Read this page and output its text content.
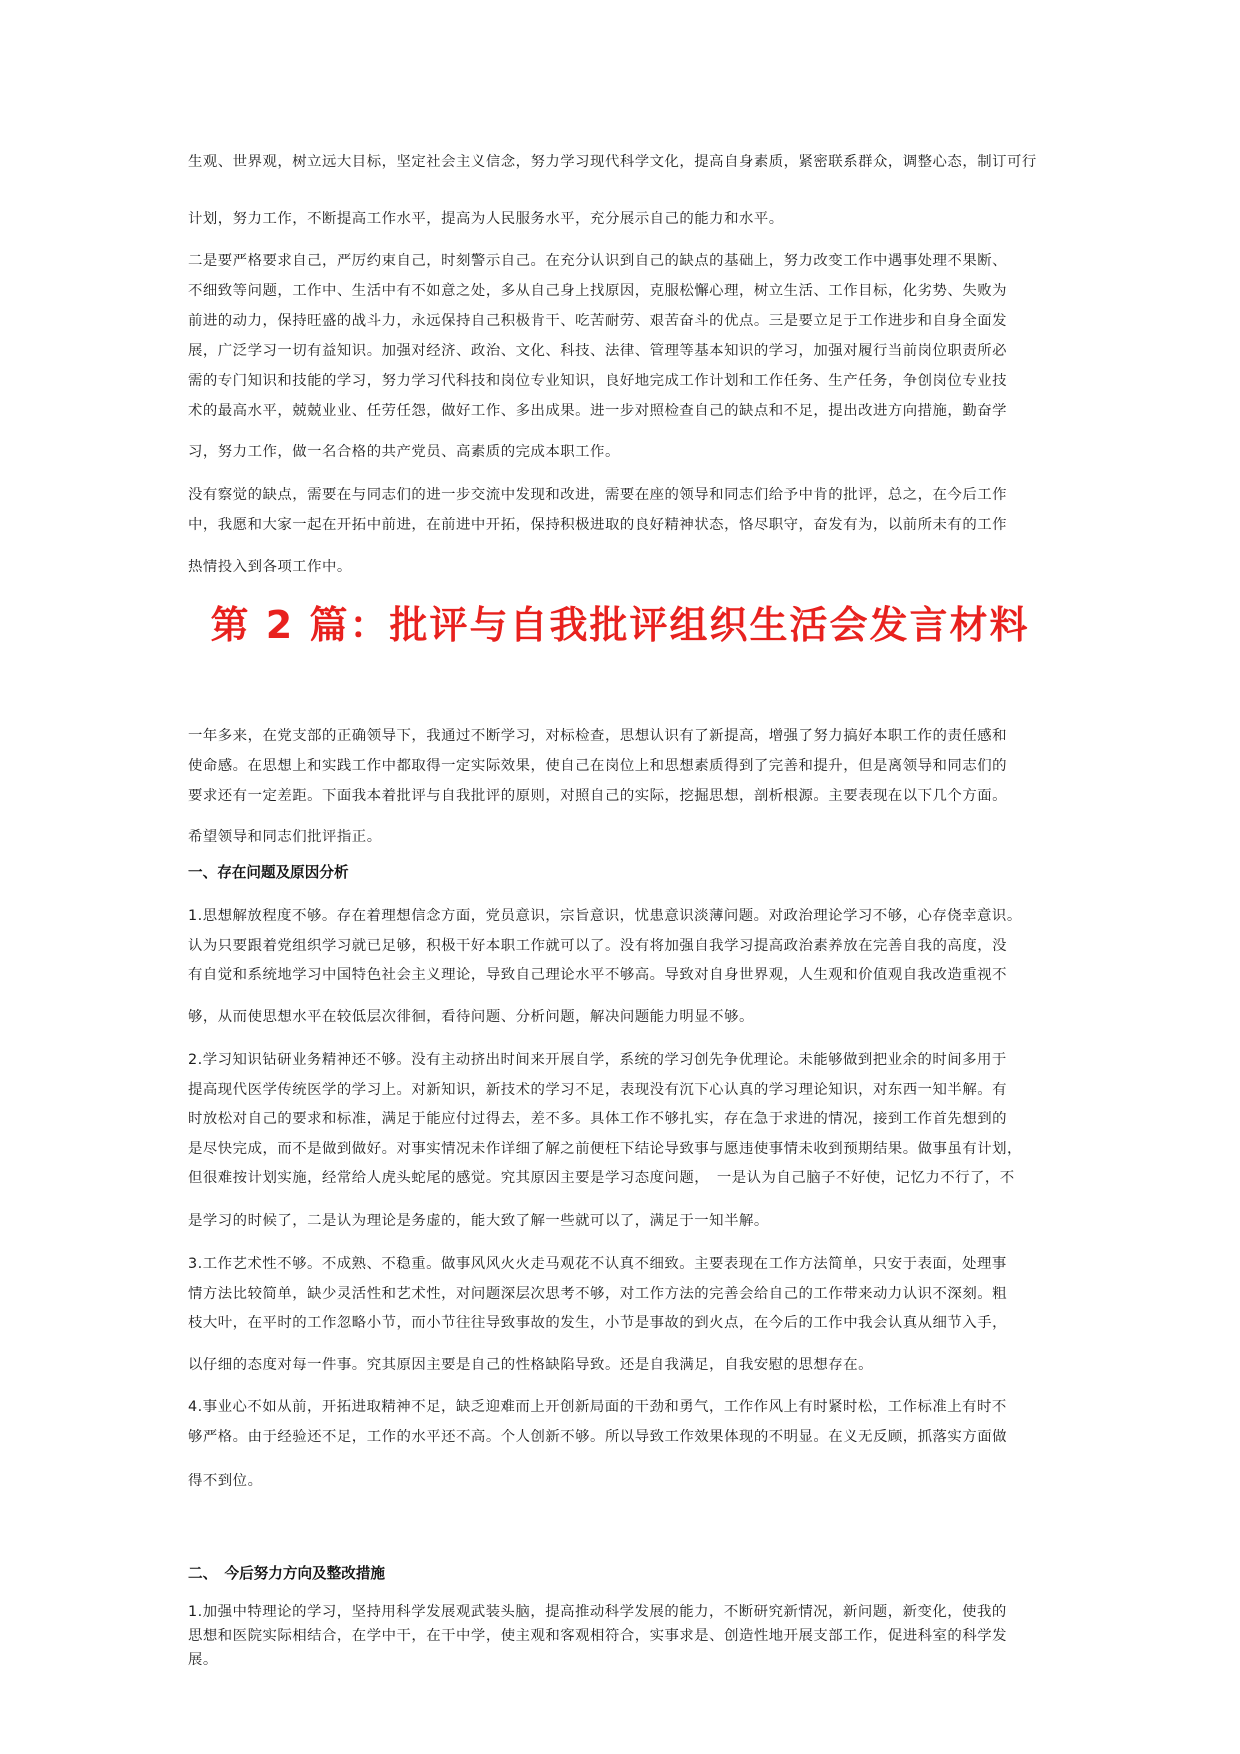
生观、世界观，树立远大目标，坚定社会主义信念，努力学习现代科学文化，提高自身素质，紧密联系群众，调整心态，制订可行

计划，努力工作，不断提高工作水平，提高为人民服务水平，充分展示自己的能力和水平。

二是要严格要求自己，严厉约束自己，时刻警示自己。在充分认识到自己的缺点的基础上，努力改变工作中遇事处理不果断、
不细致等问题，工作中、生活中有不如意之处，多从自己身上找原因，克服松懈心理，树立生活、工作目标，化劣势、失败为
前进的动力，保持旺盛的战斗力，永远保持自己积极肯干、吃苦耐劳、艰苦奋斗的优点。三是要立足于工作进步和自身全面发
展，广泛学习一切有益知识。加强对经济、政治、文化、科技、法律、管理等基本知识的学习，加强对履行当前岗位职责所必
需的专门知识和技能的学习，努力学习代科技和岗位专业知识，良好地完成工作计划和工作任务、生产任务，争创岗位专业技
术的最高水平，兢兢业业、任劳任怨，做好工作、多出成果。进一步对照检查自己的缺点和不足，提出改进方向措施，勤奋学

习，努力工作，做一名合格的共产党员、高素质的完成本职工作。

没有察觉的缺点，需要在与同志们的进一步交流中发现和改进，需要在座的领导和同志们给予中肯的批评，总之，在今后工作
中，我愿和大家一起在开拓中前进，在前进中开拓，保持积极进取的良好精神状态，恪尽职守，奋发有为，以前所未有的工作

热情投入到各项工作中。

第 2 篇：批评与自我批评组织生活会发言材料

一年多来，在党支部的正确领导下，我通过不断学习，对标检查，思想认识有了新提高，增强了努力搞好本职工作的责任感和
使命感。在思想上和实践工作中都取得一定实际效果，使自己在岗位上和思想素质得到了完善和提升，但是离领导和同志们的
要求还有一定差距。下面我本着批评与自我批评的原则，对照自己的实际，挖掘思想，剖析根源。主要表现在以下几个方面。

希望领导和同志们批评指正。

一、存在问题及原因分析

1.思想解放程度不够。存在着理想信念方面，党员意识，宗旨意识，忧患意识淡薄问题。对政治理论学习不够，心存侥幸意识。
认为只要跟着党组织学习就已足够，积极干好本职工作就可以了。没有将加强自我学习提高政治素养放在完善自我的高度，没
有自觉和系统地学习中国特色社会主义理论，导致自己理论水平不够高。导致对自身世界观，人生观和价值观自我改造重视不

够，从而使思想水平在较低层次徘徊，看待问题、分析问题，解决问题能力明显不够。

2.学习知识钻研业务精神还不够。没有主动挤出时间来开展自学，系统的学习创先争优理论。未能够做到把业余的时间多用于
提高现代医学传统医学的学习上。对新知识，新技术的学习不足，表现没有沉下心认真的学习理论知识，对东西一知半解。有
时放松对自己的要求和标准，满足于能应付过得去，差不多。具体工作不够扎实，存在急于求进的情况，接到工作首先想到的
是尽快完成，而不是做到做好。对事实情况未作详细了解之前便枉下结论导致事与愿违使事情未收到预期结果。做事虽有计划，
但很难按计划实施，经常给人虎头蛇尾的感觉。究其原因主要是学习态度问题，　一是认为自己脑子不好使，记忆力不行了，不

是学习的时候了，二是认为理论是务虚的，能大致了解一些就可以了，满足于一知半解。

3.工作艺术性不够。不成熟、不稳重。做事风风火火走马观花不认真不细致。主要表现在工作方法简单，只安于表面，处理事
情方法比较简单，缺少灵活性和艺术性，对问题深层次思考不够，对工作方法的完善会给自己的工作带来动力认识不深刻。粗
枝大叶，在平时的工作忽略小节，而小节往往导致事故的发生，小节是事故的到火点，在今后的工作中我会认真从细节入手，

以仔细的态度对每一件事。究其原因主要是自己的性格缺陷导致。还是自我满足，自我安慰的思想存在。

4.事业心不如从前，开拓进取精神不足，缺乏迎难而上开创新局面的干劲和勇气，工作作风上有时紧时松，工作标准上有时不
够严格。由于经验还不足，工作的水平还不高。个人创新不够。所以导致工作效果体现的不明显。在义无反顾，抓落实方面做

得不到位。

二、　今后努力方向及整改措施

1.加强中特理论的学习，坚持用科学发展观武装头脑，提高推动科学发展的能力，不断研究新情况，新问题，新变化，使我的
思想和医院实际相结合，在学中干，在干中学，使主观和客观相符合，实事求是、创造性地开展支部工作，促进科室的科学发
展。
